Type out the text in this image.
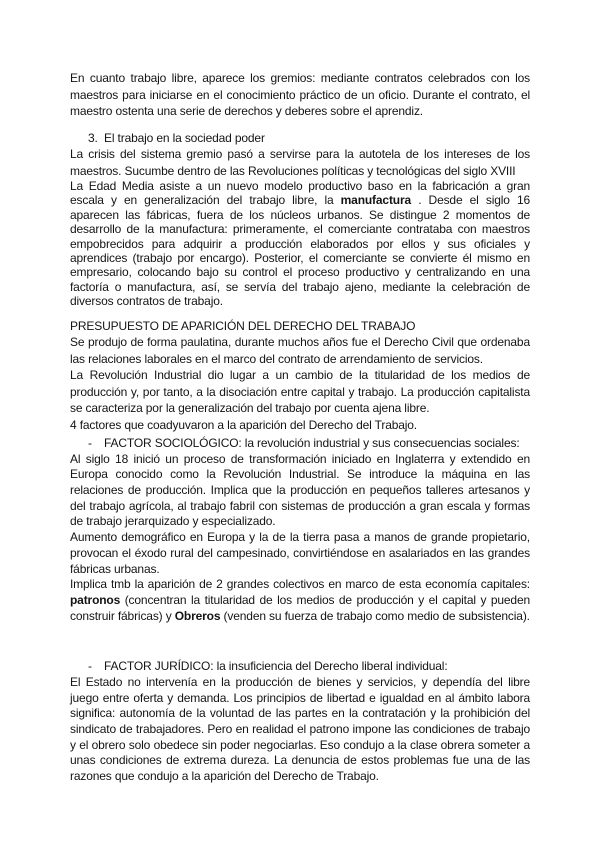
En cuanto trabajo libre, aparece los gremios: mediante contratos celebrados con los maestros para iniciarse en el conocimiento práctico de un oficio. Durante el contrato, el maestro ostenta una serie de derechos y deberes sobre el aprendiz.

3. El trabajo en la sociedad poder

La crisis del sistema gremio pasó a servirse para la autotela de los intereses de los maestros. Sucumbe dentro de las Revoluciones políticas y tecnológicas del siglo XVIII

La Edad Media asiste a un nuevo modelo productivo baso en la fabricación a gran escala y en generalización del trabajo libre, la manufactura . Desde el siglo 16 aparecen las fábricas, fuera de los núcleos urbanos. Se distingue 2 momentos de desarrollo de la manufactura: primeramente, el comerciante contrataba con maestros empobrecidos para adquirir a producción elaborados por ellos y sus oficiales y aprendices (trabajo por encargo). Posterior, el comerciante se convierte él mismo en empresario, colocando bajo su control el proceso productivo y centralizando en una factoría o manufactura, así, se servía del trabajo ajeno, mediante la celebración de diversos contratos de trabajo.

PRESUPUESTO DE APARICIÓN DEL DERECHO DEL TRABAJO

Se produjo de forma paulatina, durante muchos años fue el Derecho Civil que ordenaba las relaciones laborales en el marco del contrato de arrendamiento de servicios.

La Revolución Industrial dio lugar a un cambio de la titularidad de los medios de producción y, por tanto, a la disociación entre capital y trabajo. La producción capitalista se caracteriza por la generalización del trabajo por cuenta ajena libre.

4 factores que coadyuvaron a la aparición del Derecho del Trabajo.

-	FACTOR SOCIOLÓGICO: la revolución industrial y sus consecuencias sociales:

Al siglo 18 inició un proceso de transformación iniciado en Inglaterra y extendido en Europa conocido como la Revolución Industrial. Se introduce la máquina en las relaciones de producción. Implica que la producción en pequeños talleres artesanos y del trabajo agrícola, al trabajo fabril con sistemas de producción a gran escala y formas de trabajo jerarquizado y especializado.

Aumento demográfico en Europa y la de la tierra pasa a manos de grande propietario, provocan el éxodo rural del campesinado, convirtiéndose en asalariados en las grandes fábricas urbanas.

Implica tmb la aparición de 2 grandes colectivos en marco de esta economía capitales: patronos (concentran la titularidad de los medios de producción y el capital y pueden construir fábricas) y Obreros (venden su fuerza de trabajo como medio de subsistencia).

-	FACTOR JURÍDICO: la insuficiencia del Derecho liberal individual:

El Estado no intervenía en la producción de bienes y servicios, y dependía del libre juego entre oferta y demanda. Los principios de libertad e igualdad en al ámbito labora significa: autonomía de la voluntad de las partes en la contratación y la prohibición del sindicato de trabajadores. Pero en realidad el patrono impone las condiciones de trabajo y el obrero solo obedece sin poder negociarlas. Eso condujo a la clase obrera someter a unas condiciones de extrema dureza. La denuncia de estos problemas fue una de las razones que condujo a la aparición del Derecho de Trabajo.
